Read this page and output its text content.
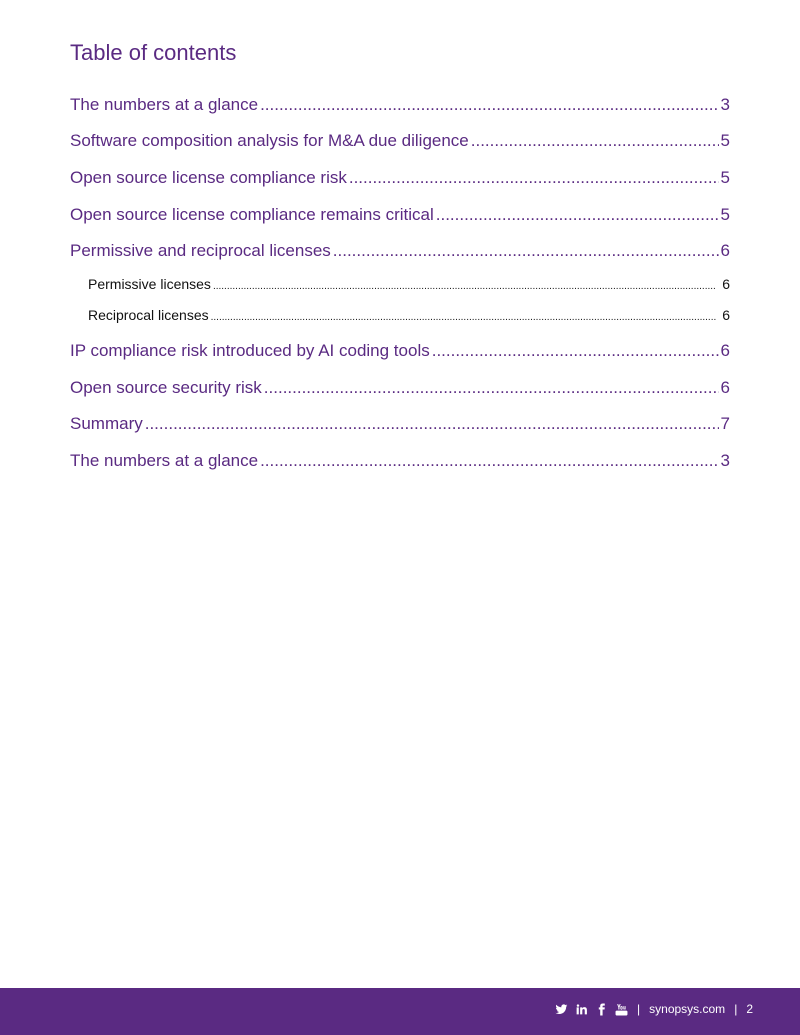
Table of contents
The numbers at a glance .....	3
Software composition analysis for M&A due diligence .....	5
Open source license compliance risk .....	5
Open source license compliance remains critical .....	5
Permissive and reciprocal licenses .....	6
Permissive licenses .....	6
Reciprocal licenses .....	6
IP compliance risk introduced by AI coding tools .....	6
Open source security risk .....	6
Summary .....	7
The numbers at a glance .....	3
| synopsys.com | 2
